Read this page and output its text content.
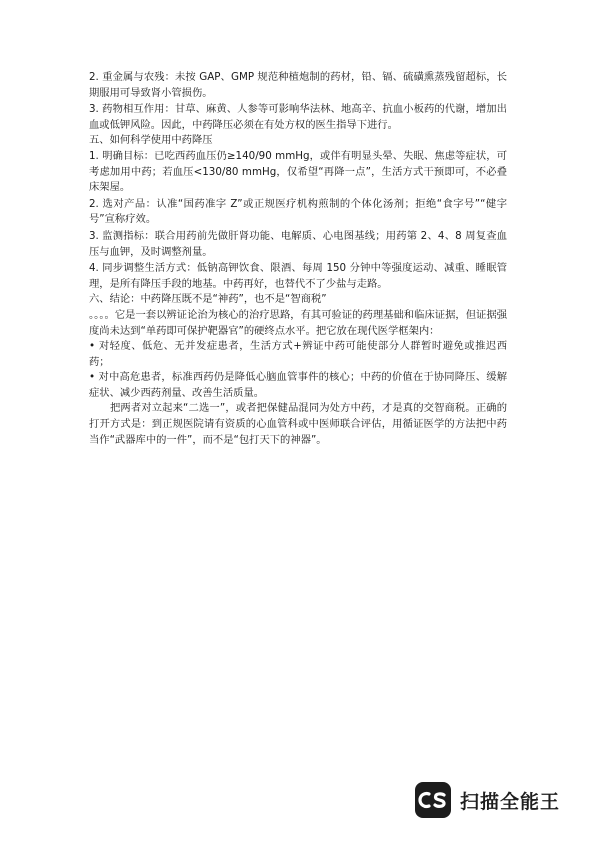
2. 重金属与农残：未按 GAP、GMP 规范种植炮制的药材，铅、镉、硫磺熏蒸残留超标，长期服用可导致肾小管损伤。

3. 药物相互作用：甘草、麻黄、人参等可影响华法林、地高辛、抗血小板药的代谢，增加出血或低钾风险。因此，中药降压必须在有处方权的医生指导下进行。

五、如何科学使用中药降压

1. 明确目标：已吃西药血压仍≥140/90 mmHg，或伴有明显头晕、失眠、焦虑等症状，可考虑加用中药；若血压<130/80 mmHg，仅希望“再降一点”，生活方式干预即可，不必叠床架屋。

2. 选对产品：认准“国药准字 Z”或正规医疗机构煎制的个体化汤剂；拒绝“食字号”“健字号”宣称疗效。

3. 监测指标：联合用药前先做肝肾功能、电解质、心电图基线；用药第 2、4、8 周复查血压与血钾，及时调整剂量。

4. 同步调整生活方式：低钠高钾饮食、限酒、每周 150 分钟中等强度运动、减重、睡眠管理，是所有降压手段的地基。中药再好，也替代不了少盐与走路。

六、结论：中药降压既不是“神药”，也不是“智商税”

。。。。它是一套以辨证论治为核心的治疗思路，有其可验证的药理基础和临床证据，但证据强度尚未达到“单药即可保护靶器官”的硬终点水平。把它放在现代医学框架内：

• 对轻度、低危、无并发症患者，生活方式+辨证中药可能使部分人群暂时避免或推迟西药；

• 对中高危患者，标准西药仍是降低心脑血管事件的核心；中药的价值在于协同降压、缓解症状、减少西药剂量、改善生活质量。

把两者对立起来“二选一”，或者把保健品混同为处方中药，才是真的交智商税。正确的打开方式是：到正规医院请有资质的心血管科或中医师联合评估，用循证医学的方法把中药当作“武器库中的一件”，而不是“包打天下的神器”。

扫描全能王
